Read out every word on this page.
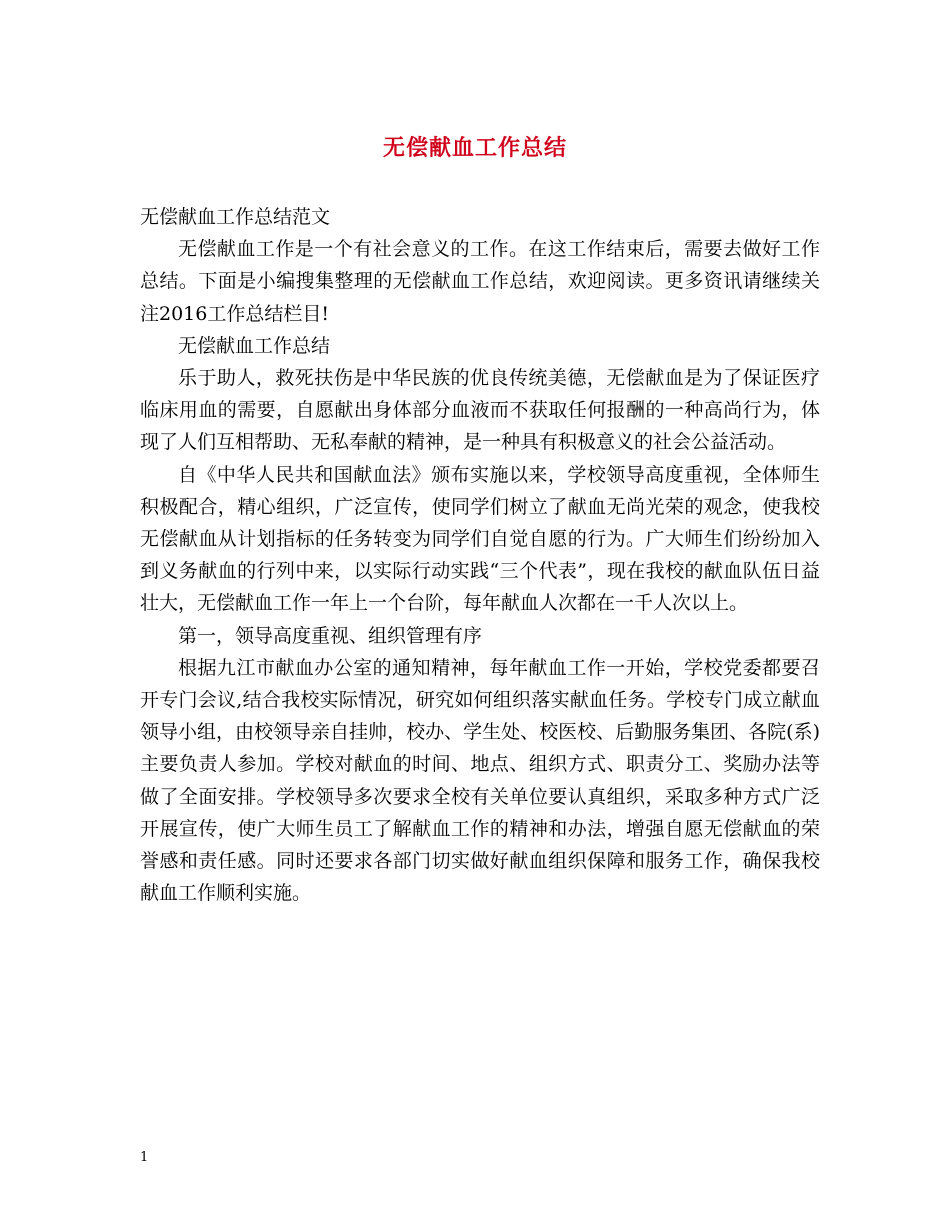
无偿献血工作总结

无偿献血工作总结范文

无偿献血工作是一个有社会意义的工作。在这工作结束后，需要去做好工作总结。下面是小编搜集整理的无偿献血工作总结，欢迎阅读。更多资讯请继续关注2016工作总结栏目!

无偿献血工作总结

乐于助人，救死扶伤是中华民族的优良传统美德，无偿献血是为了保证医疗临床用血的需要，自愿献出身体部分血液而不获取任何报酬的一种高尚行为，体现了人们互相帮助、无私奉献的精神，是一种具有积极意义的社会公益活动。

自《中华人民共和国献血法》颁布实施以来，学校领导高度重视，全体师生积极配合，精心组织，广泛宣传，使同学们树立了献血无尚光荣的观念，使我校无偿献血从计划指标的任务转变为同学们自觉自愿的行为。广大师生们纷纷加入到义务献血的行列中来，以实际行动实践“三个代表”，现在我校的献血队伍日益壮大，无偿献血工作一年上一个台阶，每年献血人次都在一千人次以上。

第一，领导高度重视、组织管理有序

根据九江市献血办公室的通知精神，每年献血工作一开始，学校党委都要召开专门会议,结合我校实际情况，研究如何组织落实献血任务。学校专门成立献血领导小组，由校领导亲自挂帅，校办、学生处、校医校、后勤服务集团、各院(系)主要负责人参加。学校对献血的时间、地点、组织方式、职责分工、奖励办法等做了全面安排。学校领导多次要求全校有关单位要认真组织，采取多种方式广泛开展宣传，使广大师生员工了解献血工作的精神和办法，增强自愿无偿献血的荣誉感和责任感。同时还要求各部门切实做好献血组织保障和服务工作，确保我校献血工作顺利实施。

1
